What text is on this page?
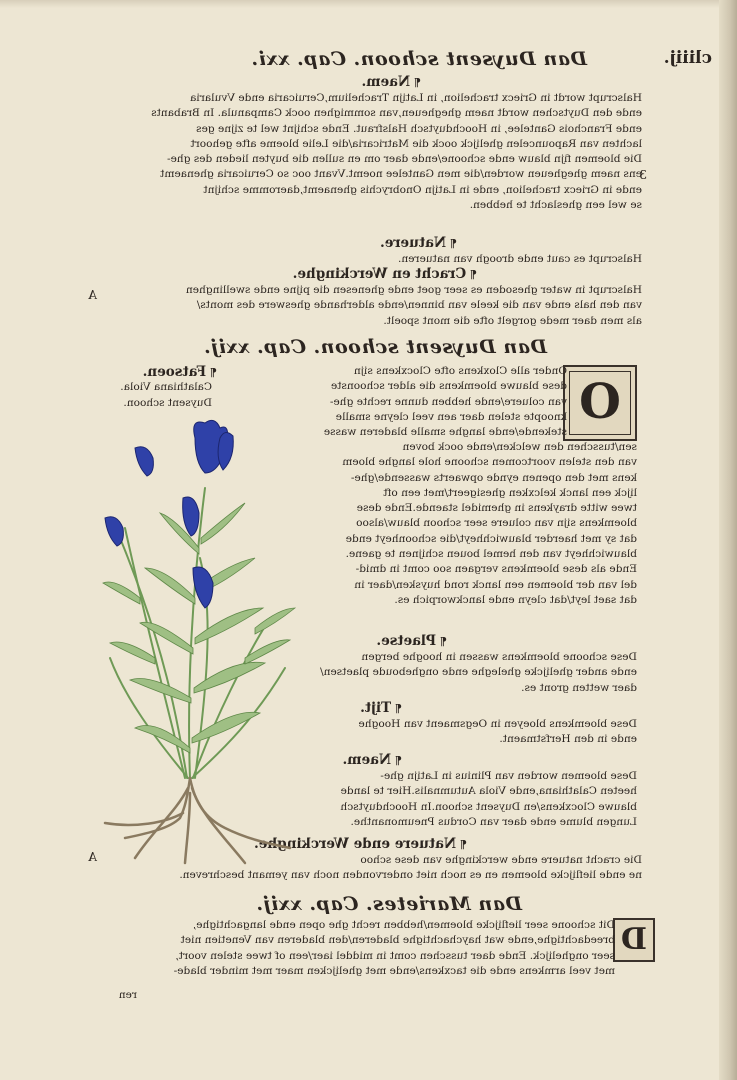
Dan Duysent schoon. Cap. xxi.	cliiij.
¶ Naem.
Halscrupt wordt in Griecx trachelion, in Latijn Trachelium,Ceruicaria ende Vvularia
ende den Duytschen wordt naem ghegheuen,van sommighen oock Campanula. In Brabants
ende Franchois Gantelee, in Hoochduytsch Halsfraut. Ende schijnt wel te zijne ges
lachten van Rapouncelen ghelijck oock die Matricaria/die Lelie bloeme afte gehoort
Die bloemen fijn blauw ende schoone/ende daer om en sullen die buyten lieden des ghe-
ens naem ghegheuen worden/die men Gantelee noemt.Vvant ooc so Ceruicaria ghenaemt
ende in Griecx trachelion, ende in Latijn Onobrychis ghenaemt,daeromme schijnt
se wel een gheslacht te hebben.
3
¶ Natuere.
Halscrupt es caut ende droogh van natueren.
¶ Cracht en Werckinghe.
Halscrupt in water ghesoden es seer goet ende ghenesen die pijne ende swellinghen
van den hals ende van die keele van binnen/ende alderhande gheswere des monts/
als men daer mede gorgelt ofte die mont spoelt.
A
Dan Duysent schoon. Cap. xxij.
O
Onder alle Cloxkens ofte Clocxkens sijn
dese blauwe bloemkens die alder schoonste
van coluere/ende hebben dunne rechte ghe-
knoopte stelen daer aen veel cleyne smalle
stekende/ende langhe smalle bladeren wasse
sen/tusschen den welcken/ende oock boven
van den stelen voortcomen schoone hole langhe bloem
kens met den openen eynde opwaerts wassende/ghe-
lijck een lanck kelcxken ghesigeert/met een oft
twee witte draykens in ghemidel staende.Ende dese
bloemkens sijn van coluere seer schoon blauw/alsoo
dat sy met haerder blauwichheyt/die schoonheyt ende
blauwichheyt van den hemel bouen schijnen te gaene.
Ende als dese bloemkens vergaen soo comt in dmid-
del van der bloemen een lanck rond huysken/daer in
dat saet leyt/dat cleyn ende lanckworpich es.
¶ Fatsoen.
Calathiana Viola.
Duysent schoon.
¶ Plaetse.
Dese schoone bloemkens wassen in hooghe bergen
ende ander ghelijcke gheleghe ende ongheboude plaetsen/
daer wetten gront es.
¶ Tijt.
Dese bloemkens bloeyen in Oegsmaent van Hooghe
ende in den Herfstmaent.
¶ Naem.
Dese bloemen worden van Plinius in Latijn ghe-
heeten Calathiana,ende Viola Autumnalis.Hier te lande
blauwe Clocxkens/en Duysent schoon.In Hoochduytsch
Lungen blume ende daer van Cordus Pneumonanthe.
¶ Natuere ende Werckinghe.
Die cracht natuere ende werckinghe van dese schoo
ne ende lieflijcke bloemen en es noch niet ondervonden noch van yemant beschreven.
A
Dan Marietes. Cap. xxij.
D
Dit schoone seer lieflijcke bloemen/hebben recht ghe open ende langachtighe,
breedachtighe,ende wat haychachtighe bladeren/den bladeren van Venetien niet
seer onghelijck. Ende daer tusschen comt in middel iaer/een of twee stelen voort,
met veel armkens ende die tacxkens/ende met ghelijcken maer met minder blade-
ren
